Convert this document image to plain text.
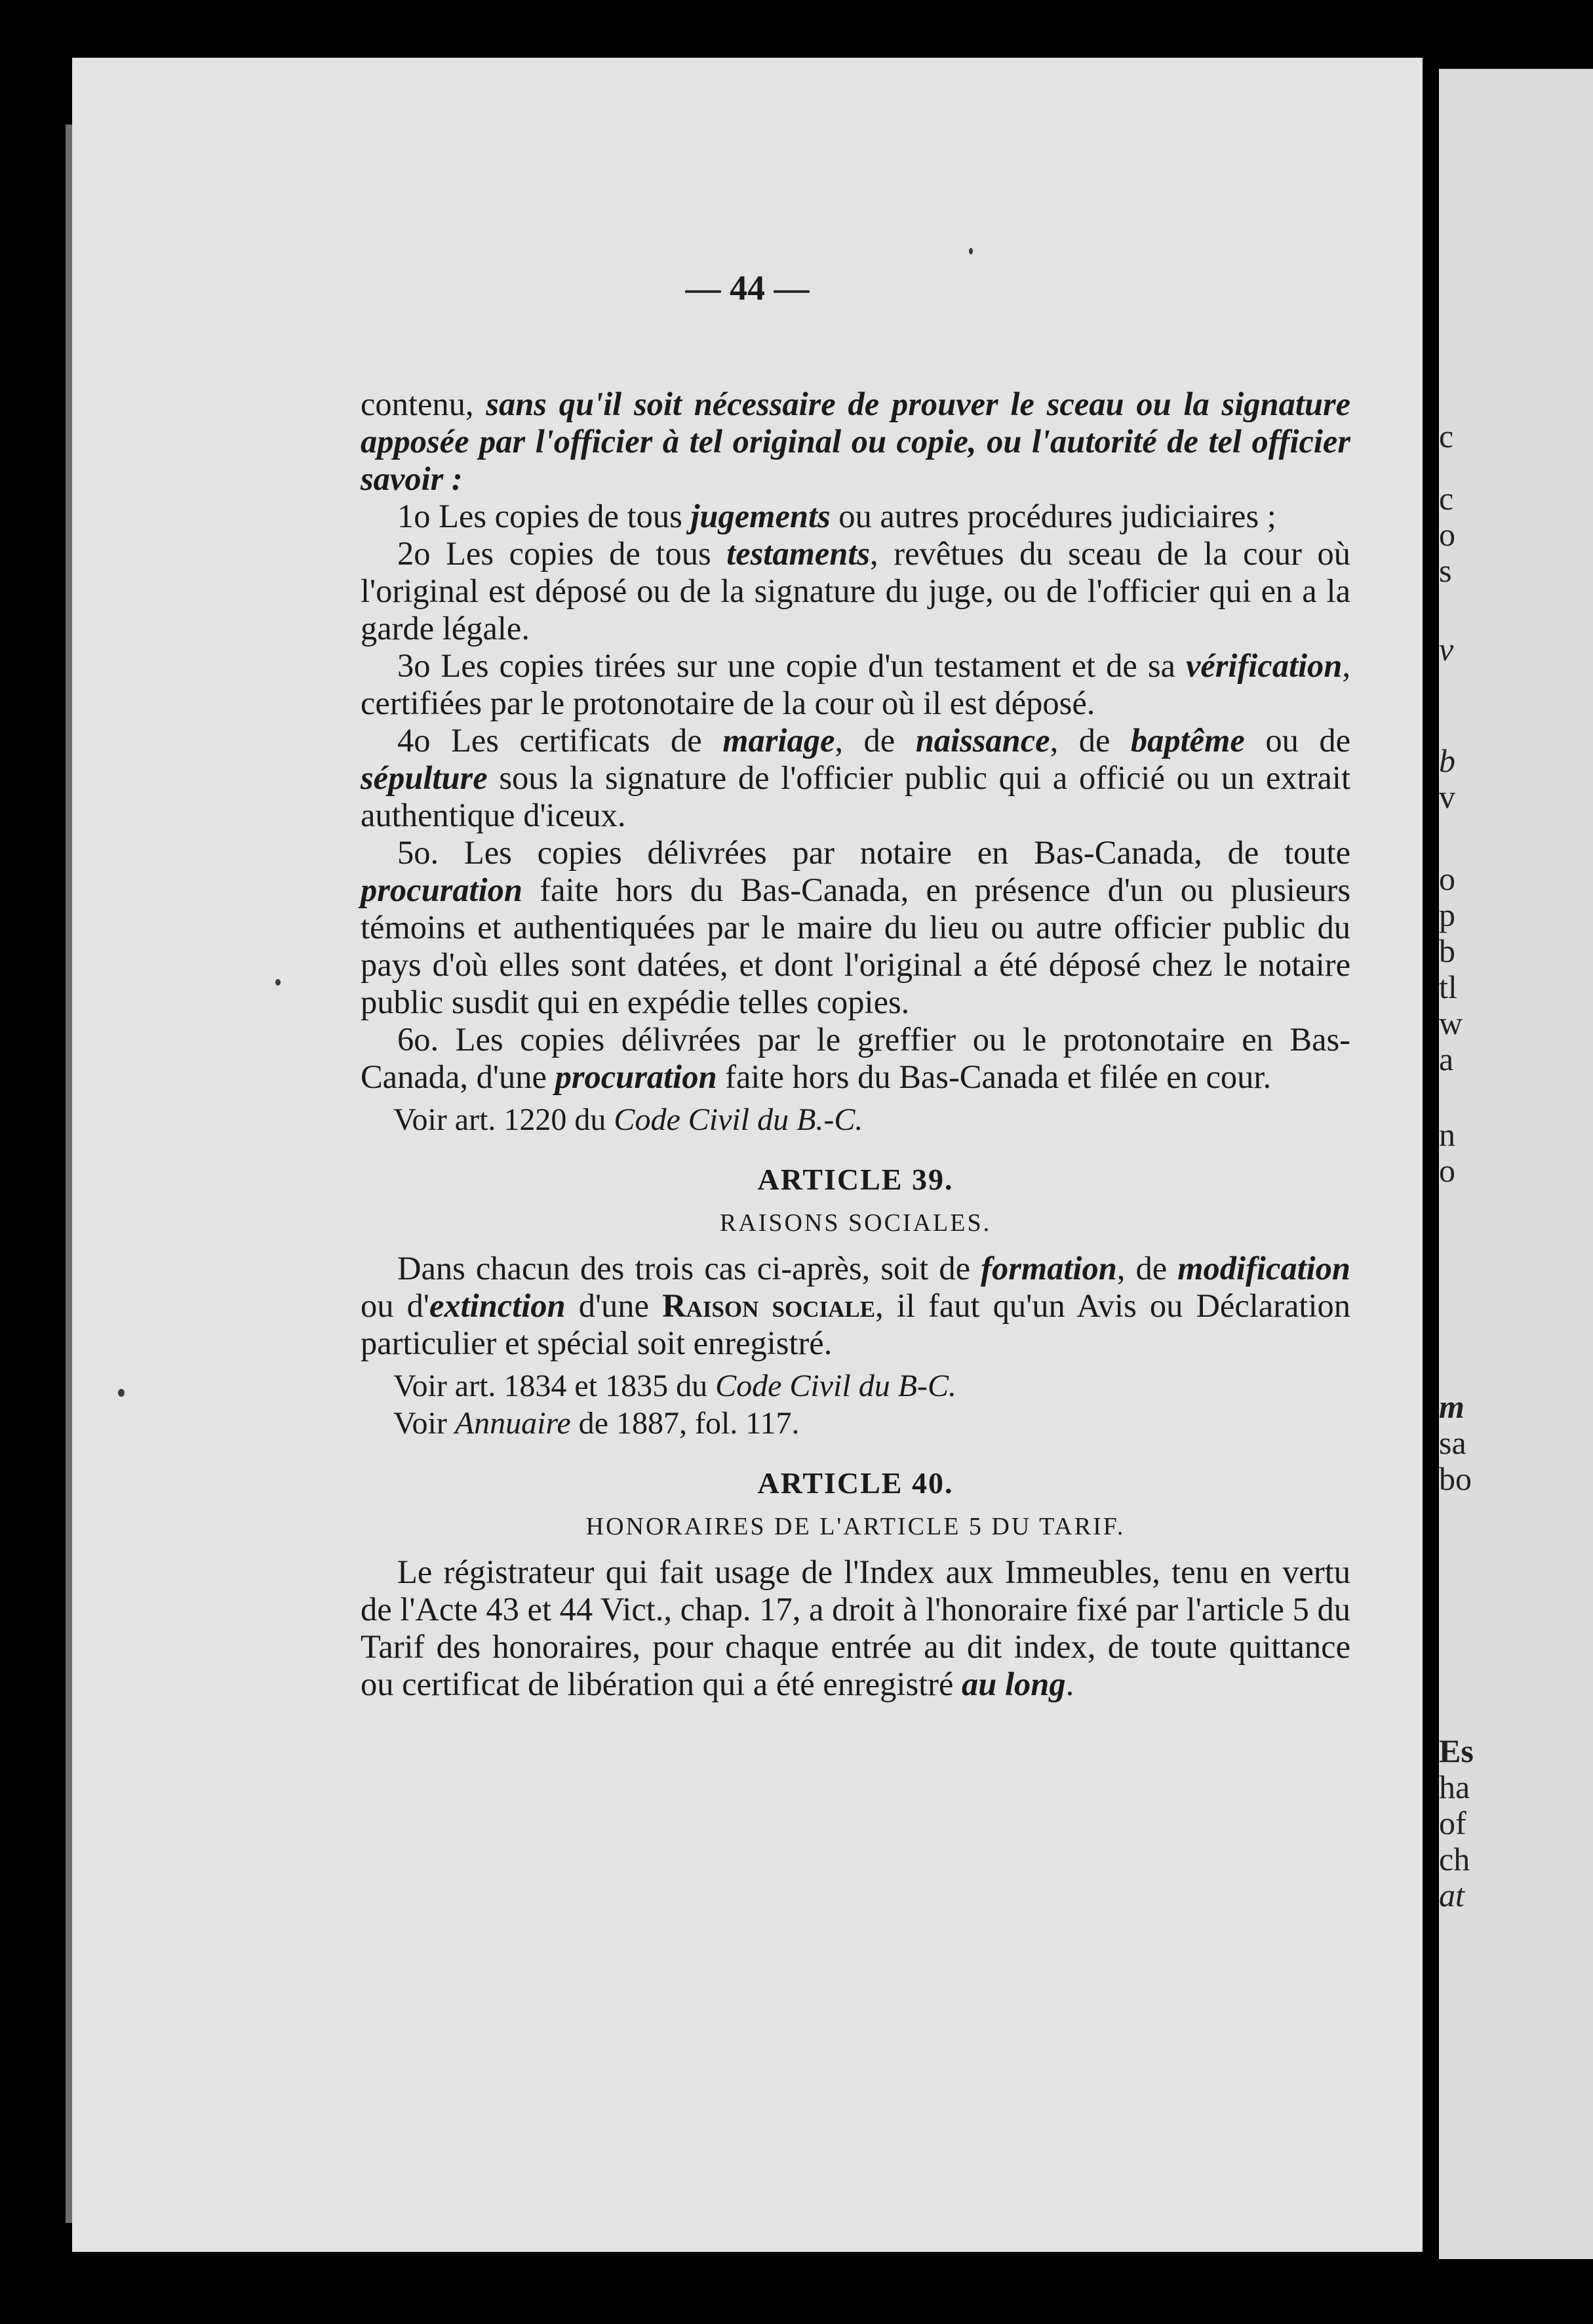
— 44 —

contenu, sans qu'il soit nécessaire de prouver le sceau ou la signature apposée par l'officier à tel original ou copie, ou l'autorité de tel officier savoir :

1o Les copies de tous jugements ou autres procédures judiciaires ;

2o Les copies de tous testaments, revêtues du sceau de la cour où l'original est déposé ou de la signature du juge, ou de l'officier qui en a la garde légale.

3o Les copies tirées sur une copie d'un testament et de sa vérification, certifiées par le protonotaire de la cour où il est déposé.

4o Les certificats de mariage, de naissance, de baptême ou de sépulture sous la signature de l'officier public qui a officié ou un extrait authentique d'iceux.

5o. Les copies délivrées par notaire en Bas-Canada, de toute procuration faite hors du Bas-Canada, en présence d'un ou plusieurs témoins et authentiquées par le maire du lieu ou autre officier public du pays d'où elles sont datées, et dont l'original a été déposé chez le notaire public susdit qui en expédie telles copies.

6o. Les copies délivrées par le greffier ou le protonotaire en Bas-Canada, d'une procuration faite hors du Bas-Canada et filée en cour.

Voir art. 1220 du Code Civil du B.-C.

ARTICLE 39.

RAISONS SOCIALES.

Dans chacun des trois cas ci-après, soit de formation, de modification ou d'extinction d'une Raison sociale, il faut qu'un Avis ou Déclaration particulier et spécial soit enregistré.

Voir art. 1834 et 1835 du Code Civil du B-C.

Voir Annuaire de 1887, fol. 117.

ARTICLE 40.

HONORAIRES DE L'ARTICLE 5 DU TARIF.

Le régistrateur qui fait usage de l'Index aux Immeubles, tenu en vertu de l'Acte 43 et 44 Vict., chap. 17, a droit à l'honoraire fixé par l'article 5 du Tarif des honoraires, pour chaque entrée au dit index, de toute quittance ou certificat de libération qui a été enregistré au long.

c
c
o
s
v
b
v
o
p
b
tl
w
a
n
o
m
sa
bo
Es
ha
of
ch
at
